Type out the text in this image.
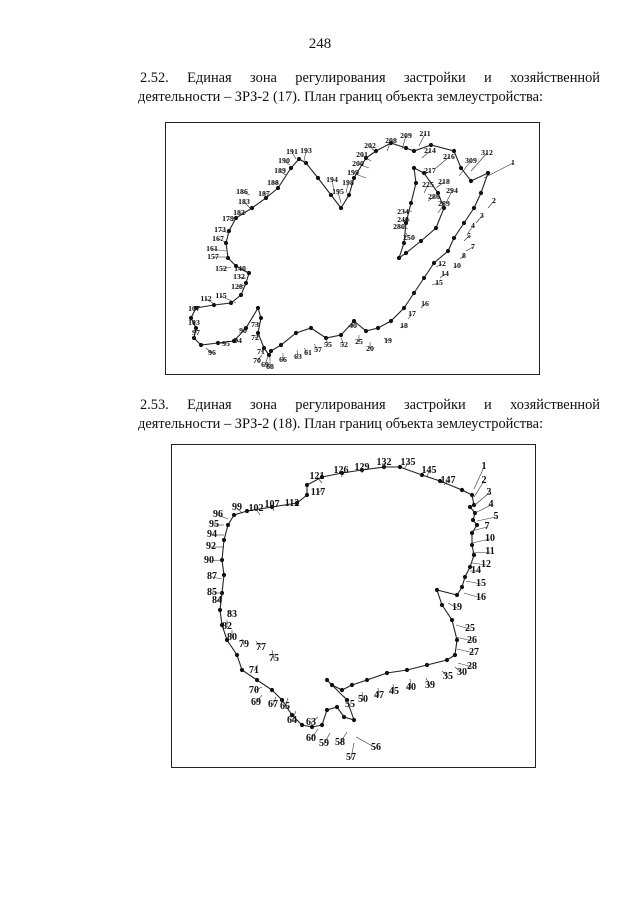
248
2.52. Единая зона регулирования застройки и хозяйственной
деятельности – ЗРЗ-2 (17). План границ объекта землеустройства:
1
312
309
211
209
208
202
201
200
199
214
216
217
218
225
286
294
289	2
3
4
5
7
8
10
12
14
15
16
17
18
19
20
25
40
52
55
57
61
63
66
68
69
70
71
72
73
90
94
95
96
97
103
107
112 115
128
132
140
152
157
161
167
173
179
182
183
186 187
188
189
190
191 193
194
195
198
234
240
280
250
2.53. Единая зона регулирования застройки и хозяйственной
деятельности – ЗРЗ-2 (18). План границ объекта землеустройства:
1
2
3
4
5
7
10
11
12
14
15
16
19
25
26
27
28
30
35
39
40
45
47
50
55
56
57
58
59
60
63
64
65
67
69
70
71
75
77
79
80
82
83
84
85
87
90
92
94
95
96
99 102 107 112
117
121
126 129 132 135
145
147
